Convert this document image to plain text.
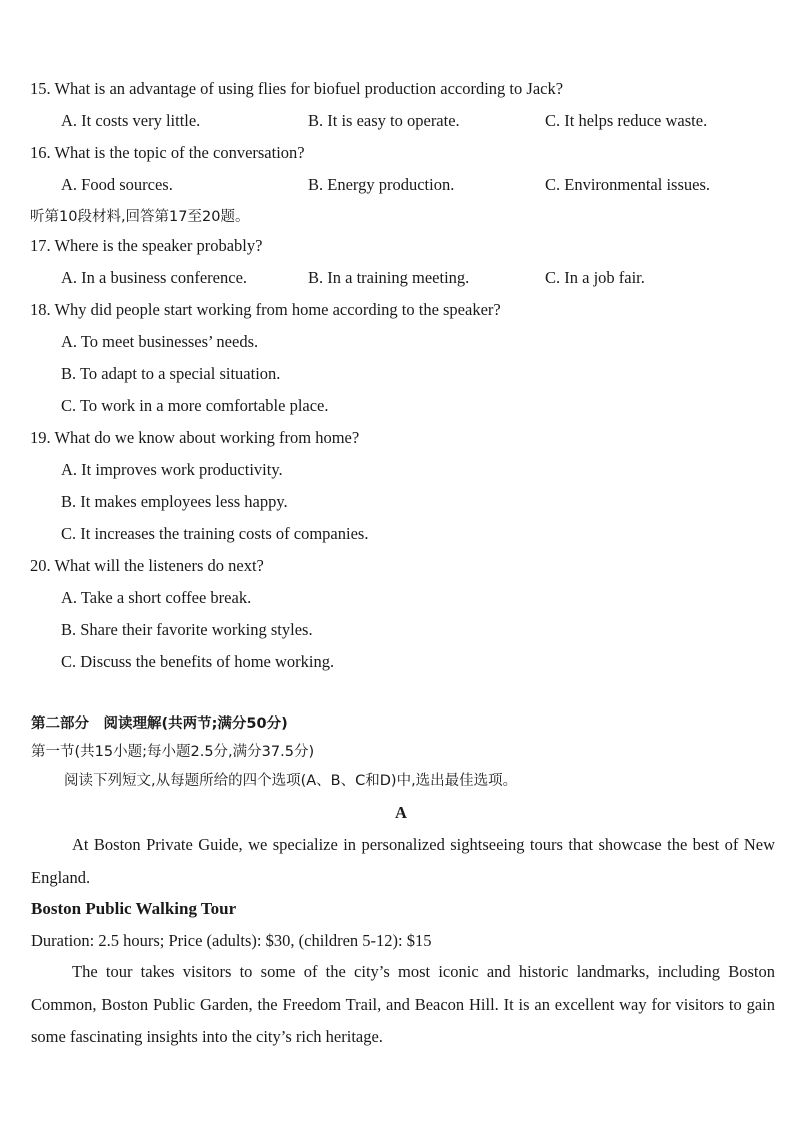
15. What is an advantage of using flies for biofuel production according to Jack?
A. It costs very little.	B. It is easy to operate.	C. It helps reduce waste.
16. What is the topic of the conversation?
A. Food sources.	B. Energy production.	C. Environmental issues.
听第10段材料,回答第17至20题。
17. Where is the speaker probably?
A. In a business conference.	B. In a training meeting.	C. In a job fair.
18. Why did people start working from home according to the speaker?
A. To meet businesses’ needs.
B. To adapt to a special situation.
C. To work in a more comfortable place.
19. What do we know about working from home?
A. It improves work productivity.
B. It makes employees less happy.
C. It increases the training costs of companies.
20. What will the listeners do next?
A. Take a short coffee break.
B. Share their favorite working styles.
C. Discuss the benefits of home working.
第二部分　阅读理解(共两节;满分50分)
第一节(共15小题;每小题2.5分,满分37.5分)
阅读下列短文,从每题所给的四个选项(A、B、C和D)中,选出最佳选项。
A
At Boston Private Guide, we specialize in personalized sightseeing tours that showcase the best of New England.
Boston Public Walking Tour
Duration: 2.5 hours; Price (adults): $30, (children 5-12): $15
The tour takes visitors to some of the city’s most iconic and historic landmarks, including Boston Common, Boston Public Garden, the Freedom Trail, and Beacon Hill. It is an excellent way for visitors to gain some fascinating insights into the city’s rich heritage.
